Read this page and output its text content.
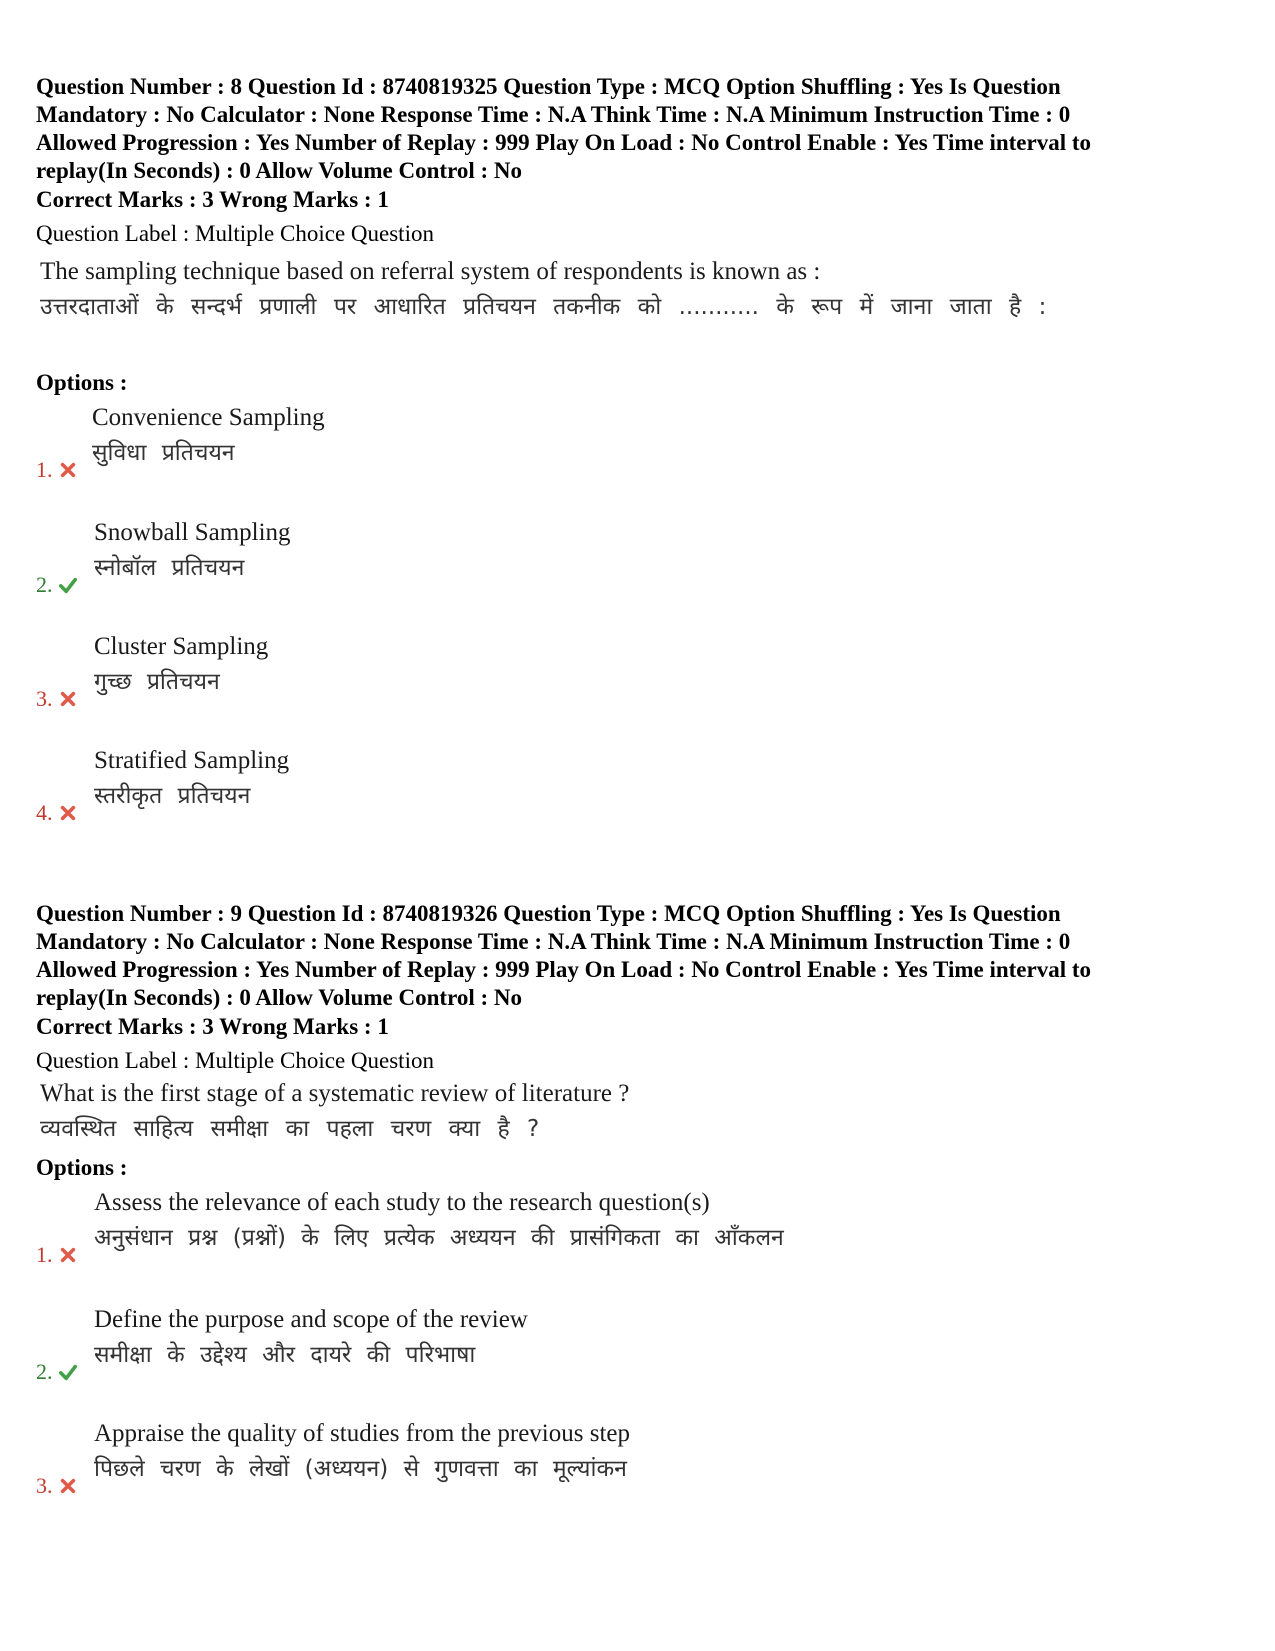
Question Number : 8 Question Id : 8740819325 Question Type : MCQ Option Shuffling : Yes Is Question
Mandatory : No Calculator : None Response Time : N.A Think Time : N.A Minimum Instruction Time : 0
Allowed Progression : Yes Number of Replay : 999 Play On Load : No Control Enable : Yes Time interval to
replay(In Seconds) : 0 Allow Volume Control : No
Correct Marks : 3 Wrong Marks : 1
Question Label : Multiple Choice Question
The sampling technique based on referral system of respondents is known as :
उत्तरदाताओं के सन्दर्भ प्रणाली पर आधारित प्रतिचयन तकनीक को ........... के रूप में जाना जाता है :
Options :
Convenience Sampling
सुविधा प्रतिचयन
1.
Snowball Sampling
स्नोबॉल प्रतिचयन
2.
Cluster Sampling
गुच्छ प्रतिचयन
3.
Stratified Sampling
स्तरीकृत प्रतिचयन
4.
Question Number : 9 Question Id : 8740819326 Question Type : MCQ Option Shuffling : Yes Is Question
Mandatory : No Calculator : None Response Time : N.A Think Time : N.A Minimum Instruction Time : 0
Allowed Progression : Yes Number of Replay : 999 Play On Load : No Control Enable : Yes Time interval to
replay(In Seconds) : 0 Allow Volume Control : No
Correct Marks : 3 Wrong Marks : 1
Question Label : Multiple Choice Question
What is the first stage of a systematic review of literature ?
व्यवस्थित साहित्य समीक्षा का पहला चरण क्या है ?
Options :
Assess the relevance of each study to the research question(s)
अनुसंधान प्रश्न (प्रश्नों) के लिए प्रत्येक अध्ययन की प्रासंगिकता का आँकलन
1.
Define the purpose and scope of the review
समीक्षा के उद्देश्य और दायरे की परिभाषा
2.
Appraise the quality of studies from the previous step
पिछले चरण के लेखों (अध्ययन) से गुणवत्ता का मूल्यांकन
3.
